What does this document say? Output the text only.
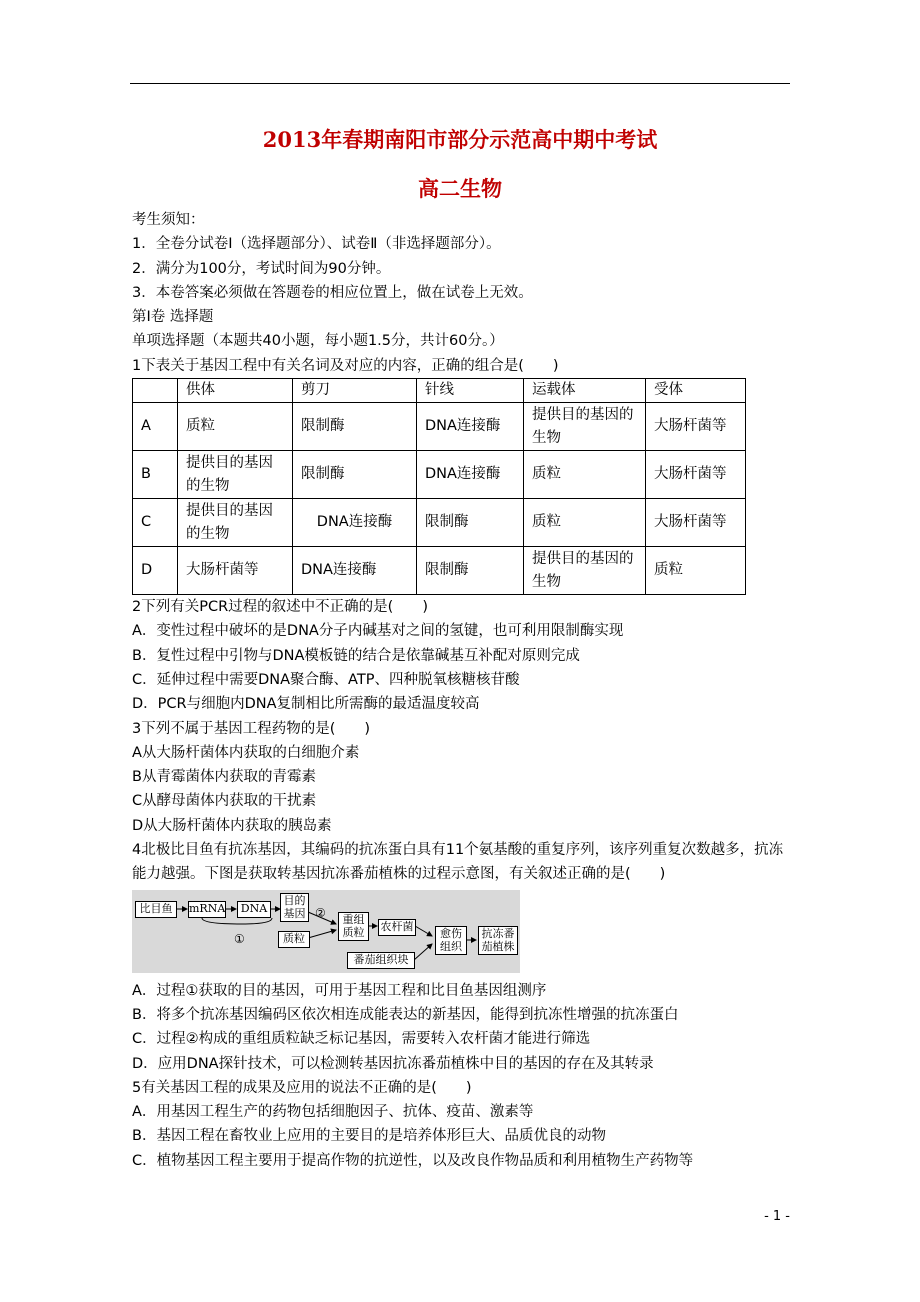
2013年春期南阳市部分示范高中期中考试
高二生物

考生须知：

1．全卷分试卷Ⅰ（选择题部分）、试卷Ⅱ（非选择题部分）。

2．满分为100分，考试时间为90分钟。

3．本卷答案必须做在答题卷的相应位置上，做在试卷上无效。

第Ⅰ卷 选择题

单项选择题（本题共40小题，每小题1.5分，共计60分。）

1下表关于基因工程中有关名词及对应的内容，正确的组合是(　　)

	供体	剪刀	针线	运载体	受体
A	质粒	限制酶	DNA连接酶	提供目的基因的生物	大肠杆菌等
B	提供目的基因的生物	限制酶	DNA连接酶	质粒	大肠杆菌等
C	提供目的基因的生物	DNA连接酶	限制酶	质粒	大肠杆菌等
D	大肠杆菌等	DNA连接酶	限制酶	提供目的基因的生物	质粒

2下列有关PCR过程的叙述中不正确的是(　　)

A．变性过程中破坏的是DNA分子内碱基对之间的氢键，也可利用限制酶实现

B．复性过程中引物与DNA模板链的结合是依靠碱基互补配对原则完成

C．延伸过程中需要DNA聚合酶、ATP、四种脱氧核糖核苷酸

D．PCR与细胞内DNA复制相比所需酶的最适温度较高

3下列不属于基因工程药物的是(　　)

A从大肠杆菌体内获取的白细胞介素

B从青霉菌体内获取的青霉素

C从酵母菌体内获取的干扰素

D从大肠杆菌体内获取的胰岛素

4北极比目鱼有抗冻基因，其编码的抗冻蛋白具有11个氨基酸的重复序列，该序列重复次数越多，抗冻能力越强。下图是获取转基因抗冻番茄植株的过程示意图，有关叙述正确的是(　　)

比目鱼	mRNA	DNA
目的基因 ②
①	质粒
重组质粒	农杆菌
番茄组织块
愈伤组织
抗冻番茄植株

A．过程①获取的目的基因，可用于基因工程和比目鱼基因组测序

B．将多个抗冻基因编码区依次相连成能表达的新基因，能得到抗冻性增强的抗冻蛋白

C．过程②构成的重组质粒缺乏标记基因，需要转入农杆菌才能进行筛选

D．应用DNA探针技术，可以检测转基因抗冻番茄植株中目的基因的存在及其转录

5有关基因工程的成果及应用的说法不正确的是(　　)

A．用基因工程生产的药物包括细胞因子、抗体、疫苗、激素等

B．基因工程在畜牧业上应用的主要目的是培养体形巨大、品质优良的动物

C．植物基因工程主要用于提高作物的抗逆性，以及改良作物品质和利用植物生产药物等

- 1 -
